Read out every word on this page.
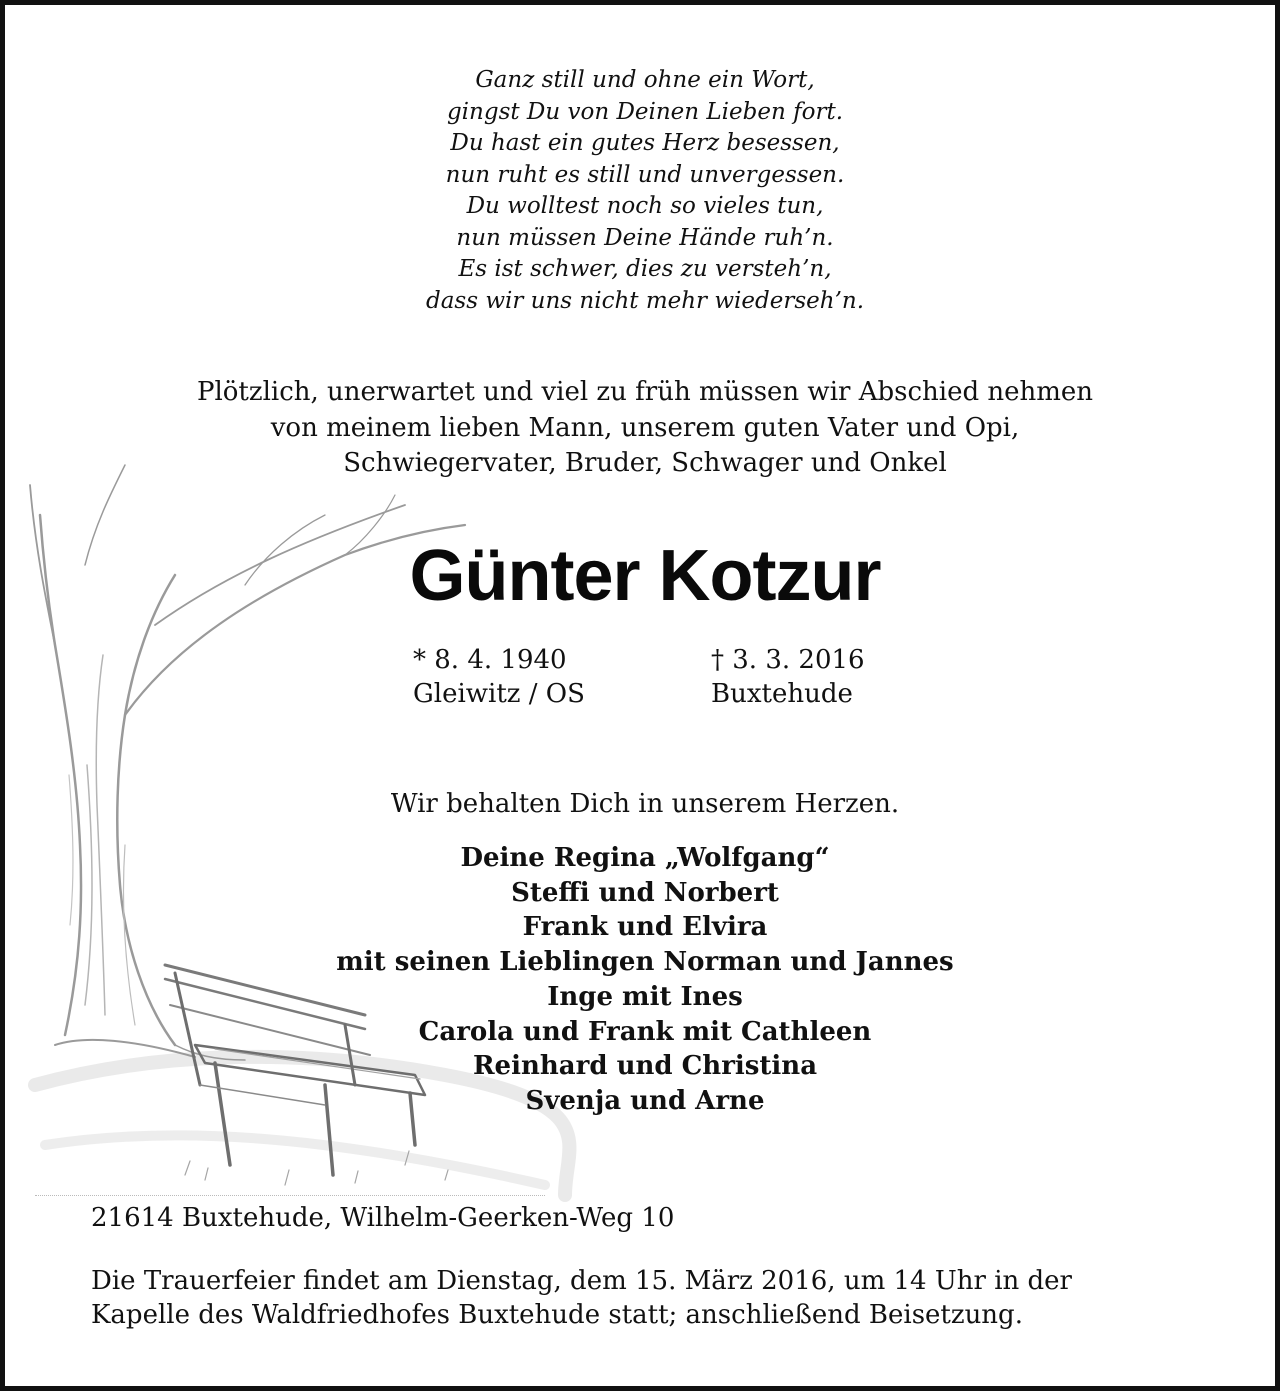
Ganz still und ohne ein Wort,
gingst Du von Deinen Lieben fort.
Du hast ein gutes Herz besessen,
nun ruht es still und unvergessen.
Du wolltest noch so vieles tun,
nun müssen Deine Hände ruh’n.
Es ist schwer, dies zu versteh’n,
dass wir uns nicht mehr wiederseh’n.
Plötzlich, unerwartet und viel zu früh müssen wir Abschied nehmen
von meinem lieben Mann, unserem guten Vater und Opi,
Schwiegervater, Bruder, Schwager und Onkel
Günter Kotzur
* 8. 4. 1940
Gleiwitz / OS
† 3. 3. 2016
Buxtehude
Wir behalten Dich in unserem Herzen.
Deine Regina „Wolfgang“
Steffi und Norbert
Frank und Elvira
mit seinen Lieblingen Norman und Jannes
Inge mit Ines
Carola und Frank mit Cathleen
Reinhard und Christina
Svenja und Arne
21614 Buxtehude, Wilhelm-Geerken-Weg 10
Die Trauerfeier findet am Dienstag, dem 15. März 2016, um 14 Uhr in der
Kapelle des Waldfriedhofes Buxtehude statt; anschließend Beisetzung.
